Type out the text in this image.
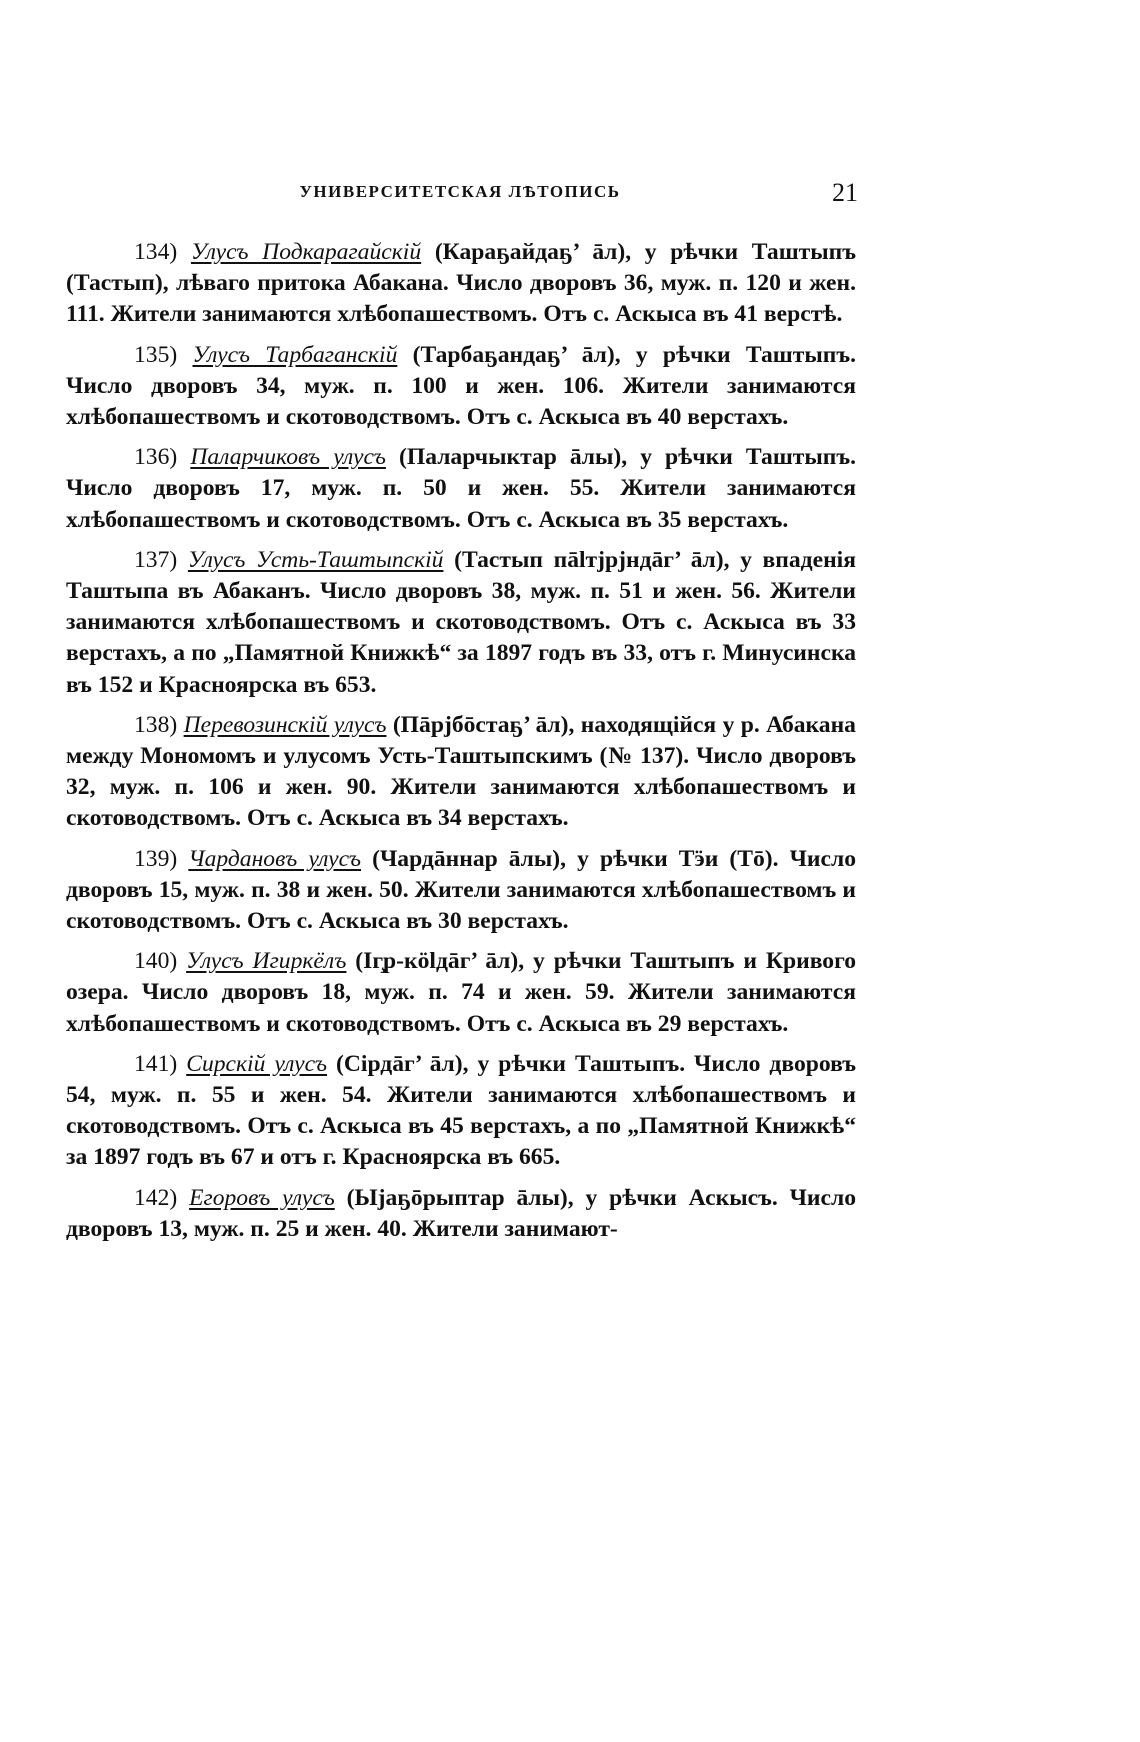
УНИВЕРСИТЕТСКАЯ ЛѢТОПИСЬ	21

134) Улусъ Подкарагайскій (Караҕайдаҕ’ āл), у рѣчки Таштыпъ (Тастып), лѣваго притока Абакана. Число дворовъ 36, муж. п. 120 и жен. 111. Жители занимаются хлѣбопашествомъ. Отъ с. Аскыса въ 41 верстѣ.

135) Улусъ Тарбаганскій (Тарбаҕандаҕ’ āл), у рѣчки Таштыпъ. Число дворовъ 34, муж. п. 100 и жен. 106. Жители занимаются хлѣбопашествомъ и скотоводствомъ. Отъ с. Аскыса въ 40 верстахъ.

136) Паларчиковъ улусъ (Паларчыктар āлы), у рѣчки Таштыпъ. Число дворовъ 17, муж. п. 50 и жен. 55. Жители занимаются хлѣбопашествомъ и скотоводствомъ. Отъ с. Аскыса въ 35 верстахъ.

137) Улусъ Усть-Таштыпскій (Тастып пālтјрјндāг’ āл), у впаденія Таштыпа въ Абаканъ. Число дворовъ 38, муж. п. 51 и жен. 56. Жители занимаются хлѣбопашествомъ и скотоводствомъ. Отъ с. Аскыса въ 33 верстахъ, а по „Памятной Книжкѣ“ за 1897 годъ въ 33, отъ г. Минусинска въ 152 и Красноярска въ 653.

138) Перевозинскій улусъ (Пāрјбōстаҕ’ āл), находящійся у р. Абакана между Мономомъ и улусомъ Усть-Таштыпскимъ (№ 137). Число дворовъ 32, муж. п. 106 и жен. 90. Жители занимаются хлѣбопашествомъ и скотоводствомъ. Отъ с. Аскыса въ 34 верстахъ.

139) Чардановъ улусъ (Чардāннар āлы), у рѣчки Тӭи (Тō). Число дворовъ 15, муж. п. 38 и жен. 50. Жители занимаются хлѣбопашествомъ и скотоводствомъ. Отъ с. Аскыса въ 30 верстахъ.

140) Улусъ Игиркёлъ (Іг̧р-кölдāг’ āл), у рѣчки Таштыпъ и Кривого озера. Число дворовъ 18, муж. п. 74 и жен. 59. Жители занимаются хлѣбопашествомъ и скотоводствомъ. Отъ с. Аскыса въ 29 верстахъ.

141) Сирскій улусъ (Сірдāг’ āл), у рѣчки Таштыпъ. Число дворовъ 54, муж. п. 55 и жен. 54. Жители занимаются хлѣбопашествомъ и скотоводствомъ. Отъ с. Аскыса въ 45 верстахъ, а по „Памятной Книжкѣ“ за 1897 годъ въ 67 и отъ г. Красноярска въ 665.

142) Егоровъ улусъ (Ыјаҕōрыптар āлы), у рѣчки Аскысъ. Число дворовъ 13, муж. п. 25 и жен. 40. Жители занимают-
